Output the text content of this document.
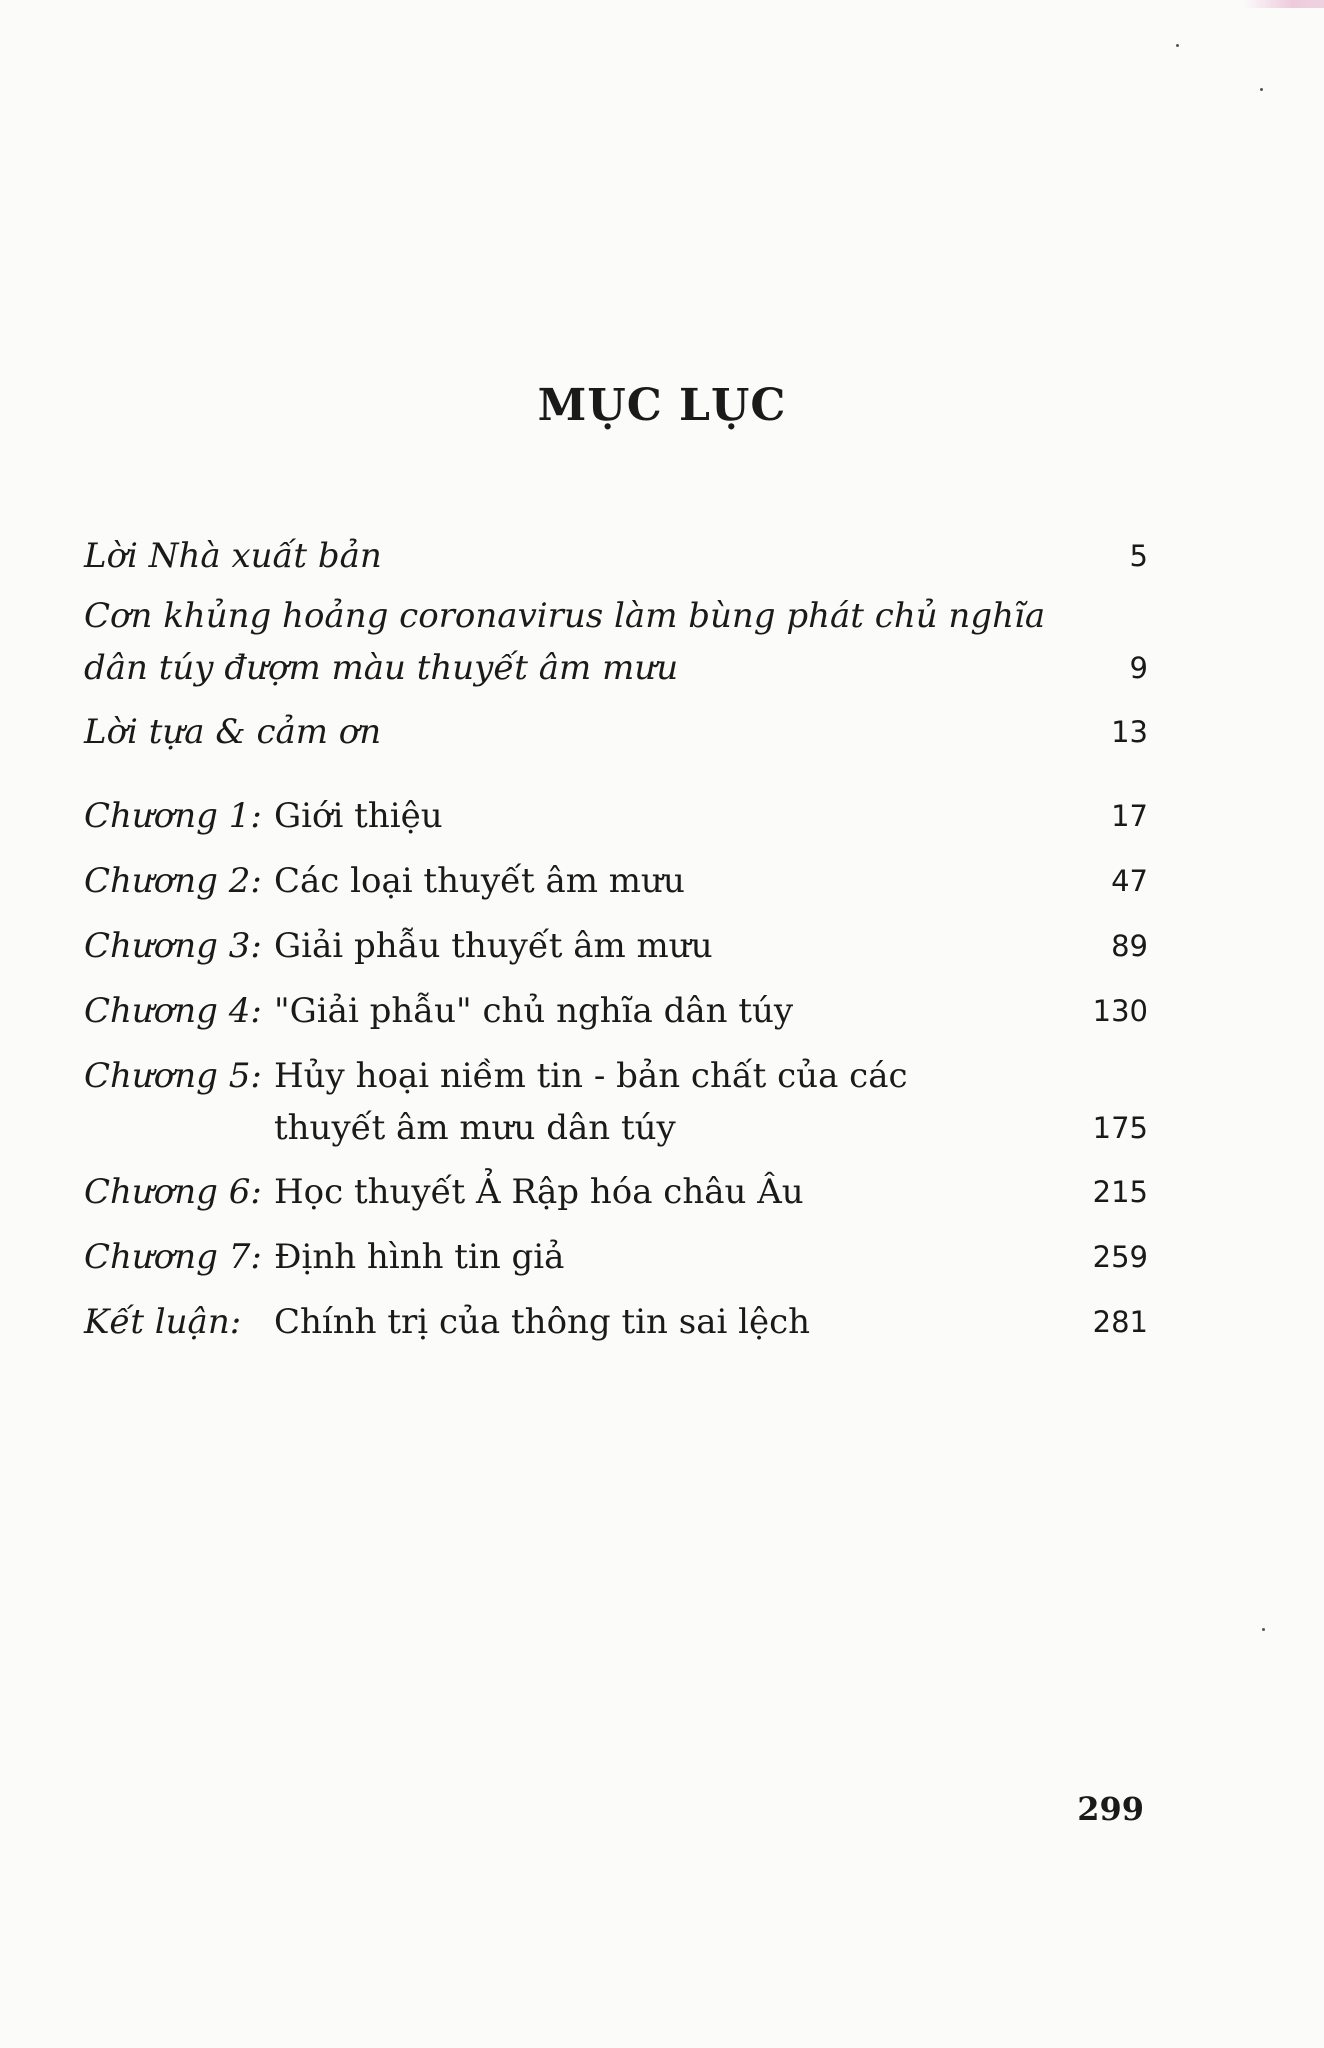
MỤC LỤC
Lời Nhà xuất bản	5
Cơn khủng hoảng coronavirus làm bùng phát chủ nghĩa
dân túy đượm màu thuyết âm mưu	9
Lời tựa & cảm ơn	13
Chương 1: Giới thiệu	17
Chương 2: Các loại thuyết âm mưu	47
Chương 3: Giải phẫu thuyết âm mưu	89
Chương 4: "Giải phẫu" chủ nghĩa dân túy	130
Chương 5: Hủy hoại niềm tin - bản chất của các
thuyết âm mưu dân túy	175
Chương 6: Học thuyết Ả Rập hóa châu Âu	215
Chương 7: Định hình tin giả	259
Kết luận: Chính trị của thông tin sai lệch	281
299
